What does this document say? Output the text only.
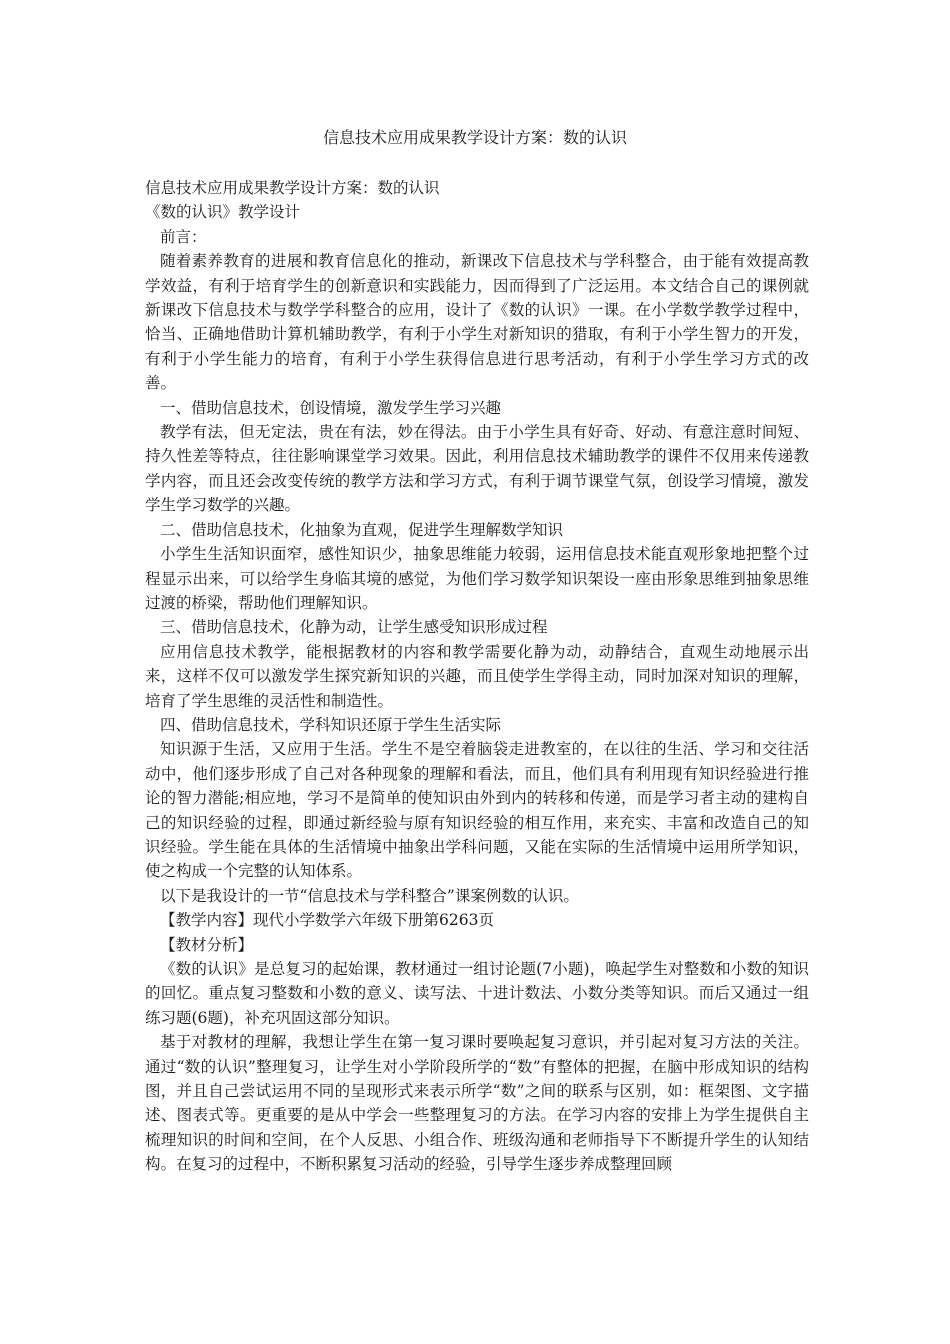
信息技术应用成果教学设计方案：数的认识

信息技术应用成果教学设计方案：数的认识

《数的认识》教学设计

前言：

随着素养教育的进展和教育信息化的推动，新课改下信息技术与学科整合，由于能有效提高教学效益，有利于培育学生的创新意识和实践能力，因而得到了广泛运用。本文结合自己的课例就新课改下信息技术与数学学科整合的应用，设计了《数的认识》一课。在小学数学教学过程中，恰当、正确地借助计算机辅助教学，有利于小学生对新知识的猎取，有利于小学生智力的开发，有利于小学生能力的培育，有利于小学生获得信息进行思考活动，有利于小学生学习方式的改善。

一、借助信息技术，创设情境，激发学生学习兴趣

教学有法，但无定法，贵在有法，妙在得法。由于小学生具有好奇、好动、有意注意时间短、持久性差等特点，往往影响课堂学习效果。因此，利用信息技术辅助教学的课件不仅用来传递教学内容，而且还会改变传统的教学方法和学习方式，有利于调节课堂气氛，创设学习情境，激发学生学习数学的兴趣。

二、借助信息技术，化抽象为直观，促进学生理解数学知识

小学生生活知识面窄，感性知识少，抽象思维能力较弱，运用信息技术能直观形象地把整个过程显示出来，可以给学生身临其境的感觉，为他们学习数学知识架设一座由形象思维到抽象思维过渡的桥梁，帮助他们理解知识。

三、借助信息技术，化静为动，让学生感受知识形成过程

应用信息技术教学，能根据教材的内容和教学需要化静为动，动静结合，直观生动地展示出来，这样不仅可以激发学生探究新知识的兴趣，而且使学生学得主动，同时加深对知识的理解，培育了学生思维的灵活性和制造性。

四、借助信息技术，学科知识还原于学生生活实际

知识源于生活，又应用于生活。学生不是空着脑袋走进教室的，在以往的生活、学习和交往活动中，他们逐步形成了自己对各种现象的理解和看法，而且，他们具有利用现有知识经验进行推论的智力潜能;相应地，学习不是简单的使知识由外到内的转移和传递，而是学习者主动的建构自己的知识经验的过程，即通过新经验与原有知识经验的相互作用，来充实、丰富和改造自己的知识经验。学生能在具体的生活情境中抽象出学科问题，又能在实际的生活情境中运用所学知识，使之构成一个完整的认知体系。

以下是我设计的一节“信息技术与学科整合”课案例数的认识。

【教学内容】现代小学数学六年级下册第6263页

【教材分析】

《数的认识》是总复习的起始课，教材通过一组讨论题(7小题)，唤起学生对整数和小数的知识的回忆。重点复习整数和小数的意义、读写法、十进计数法、小数分类等知识。而后又通过一组练习题(6题)，补充巩固这部分知识。

基于对教材的理解，我想让学生在第一复习课时要唤起复习意识，并引起对复习方法的关注。通过“数的认识”整理复习，让学生对小学阶段所学的“数”有整体的把握，在脑中形成知识的结构图，并且自己尝试运用不同的呈现形式来表示所学“数”之间的联系与区别，如：框架图、文字描述、图表式等。更重要的是从中学会一些整理复习的方法。在学习内容的安排上为学生提供自主梳理知识的时间和空间，在个人反思、小组合作、班级沟通和老师指导下不断提升学生的认知结构。在复习的过程中，不断积累复习活动的经验，引导学生逐步养成整理回顾
